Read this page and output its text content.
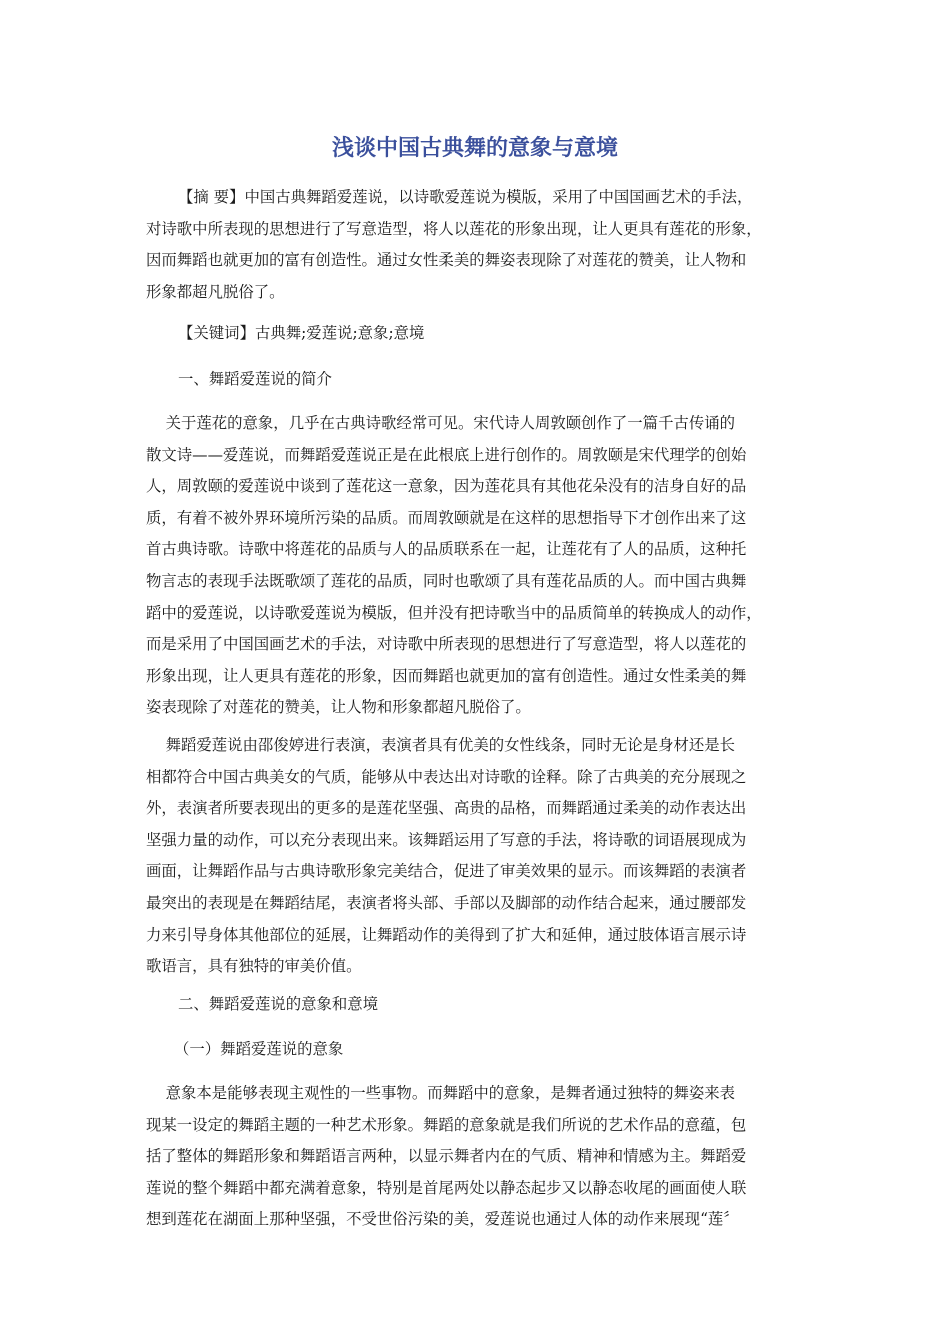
浅谈中国古典舞的意象与意境
【摘 要】中国古典舞蹈爱莲说，以诗歌爱莲说为模版，采用了中国国画艺术的手法，
对诗歌中所表现的思想进行了写意造型，将人以莲花的形象出现，让人更具有莲花的形象，
因而舞蹈也就更加的富有创造性。通过女性柔美的舞姿表现除了对莲花的赞美，让人物和
形象都超凡脱俗了。
【关键词】古典舞;爱莲说;意象;意境
一、舞蹈爱莲说的简介
关于莲花的意象，几乎在古典诗歌经常可见。宋代诗人周敦颐创作了一篇千古传诵的
散文诗——爱莲说，而舞蹈爱莲说正是在此根底上进行创作的。周敦颐是宋代理学的创始
人，周敦颐的爱莲说中谈到了莲花这一意象，因为莲花具有其他花朵没有的洁身自好的品
质，有着不被外界环境所污染的品质。而周敦颐就是在这样的思想指导下才创作出来了这
首古典诗歌。诗歌中将莲花的品质与人的品质联系在一起，让莲花有了人的品质，这种托
物言志的表现手法既歌颂了莲花的品质，同时也歌颂了具有莲花品质的人。而中国古典舞
蹈中的爱莲说，以诗歌爱莲说为模版，但并没有把诗歌当中的品质简单的转换成人的动作，
而是采用了中国国画艺术的手法，对诗歌中所表现的思想进行了写意造型，将人以莲花的
形象出现，让人更具有莲花的形象，因而舞蹈也就更加的富有创造性。通过女性柔美的舞
姿表现除了对莲花的赞美，让人物和形象都超凡脱俗了。
舞蹈爱莲说由邵俊婷进行表演，表演者具有优美的女性线条，同时无论是身材还是长
相都符合中国古典美女的气质，能够从中表达出对诗歌的诠释。除了古典美的充分展现之
外，表演者所要表现出的更多的是莲花坚强、高贵的品格，而舞蹈通过柔美的动作表达出
坚强力量的动作，可以充分表现出来。该舞蹈运用了写意的手法，将诗歌的词语展现成为
画面，让舞蹈作品与古典诗歌形象完美结合，促进了审美效果的显示。而该舞蹈的表演者
最突出的表现是在舞蹈结尾，表演者将头部、手部以及脚部的动作结合起来，通过腰部发
力来引导身体其他部位的延展，让舞蹈动作的美得到了扩大和延伸，通过肢体语言展示诗
歌语言，具有独特的审美价值。
二、舞蹈爱莲说的意象和意境
（一）舞蹈爱莲说的意象
意象本是能够表现主观性的一些事物。而舞蹈中的意象，是舞者通过独特的舞姿来表
现某一设定的舞蹈主题的一种艺术形象。舞蹈的意象就是我们所说的艺术作品的意蕴，包
括了整体的舞蹈形象和舞蹈语言两种，以显示舞者内在的气质、精神和情感为主。舞蹈爱
莲说的整个舞蹈中都充满着意象，特别是首尾两处以静态起步又以静态收尾的画面使人联
想到莲花在湖面上那种坚强，不受世俗污染的美，爱莲说也通过人体的动作来展现“莲〞
